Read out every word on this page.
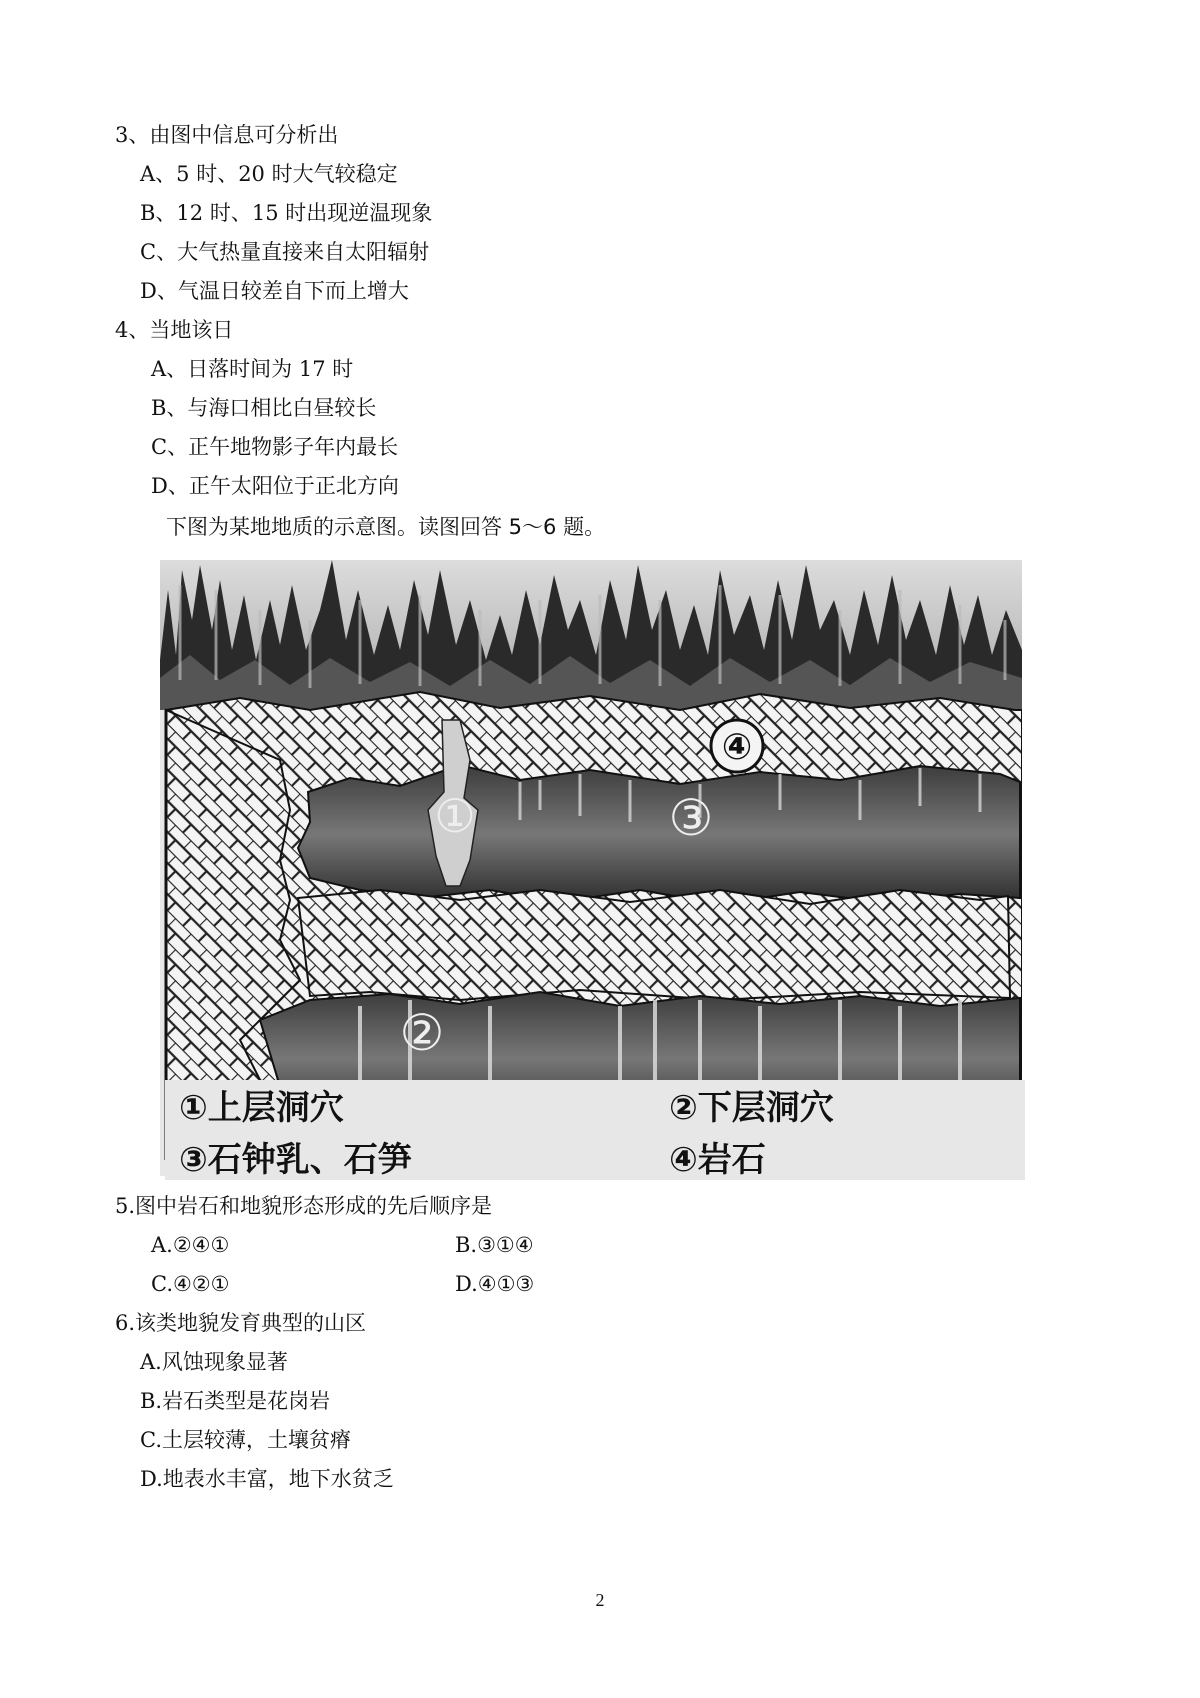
3、由图中信息可分析出
A、5 时、20 时大气较稳定
B、12 时、15 时出现逆温现象
C、大气热量直接来自太阳辐射
D、气温日较差自下而上增大
4、当地该日
A、日落时间为 17 时
B、与海口相比白昼较长
C、正午地物影子年内最长
D、正午太阳位于正北方向
下图为某地地质的示意图。读图回答 5～6 题。
④
①	③
②
①上层洞穴	②下层洞穴
③石钟乳、石笋	④岩石
5.图中岩石和地貌形态形成的先后顺序是
A.②④①	B.③①④
C.④②①	D.④①③
6.该类地貌发育典型的山区
A.风蚀现象显著
B.岩石类型是花岗岩
C.土层较薄，土壤贫瘠
D.地表水丰富，地下水贫乏
2
